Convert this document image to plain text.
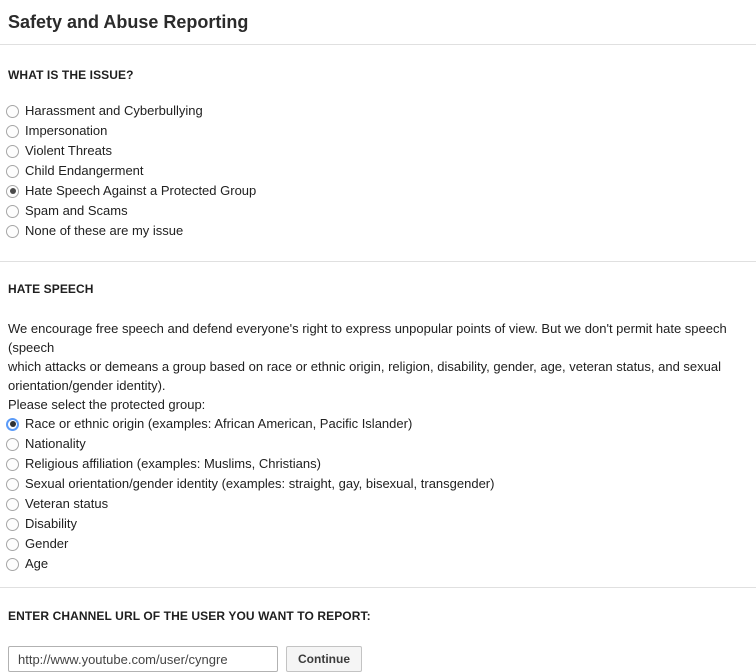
Safety and Abuse Reporting
WHAT IS THE ISSUE?
Harassment and Cyberbullying
Impersonation
Violent Threats
Child Endangerment
Hate Speech Against a Protected Group
Spam and Scams
None of these are my issue
HATE SPEECH

We encourage free speech and defend everyone's right to express unpopular points of view. But we don't permit hate speech (speech
which attacks or demeans a group based on race or ethnic origin, religion, disability, gender, age, veteran status, and sexual
orientation/gender identity).

Please select the protected group:
Race or ethnic origin (examples: African American, Pacific Islander)
Nationality
Religious affiliation (examples: Muslims, Christians)
Sexual orientation/gender identity (examples: straight, gay, bisexual, transgender)
Veteran status
Disability
Gender
Age
ENTER CHANNEL URL OF THE USER YOU WANT TO REPORT:
http://www.youtube.com/user/cyngre
Continue
